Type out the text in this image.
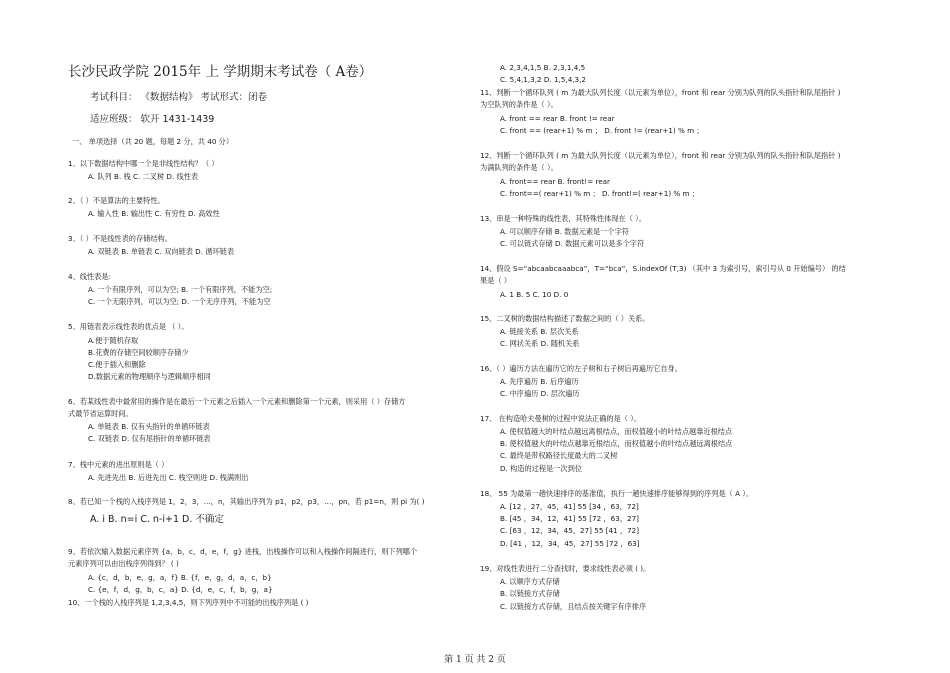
长沙民政学院 2015年 上 学期期末考试卷（ A卷）
考试科目： 《数据结构》 考试形式：闭卷
适应班级： 软开 1431-1439
一、 单项选择（共 20 题，每题 2 分，共 40 分）
1、以下数据结构中哪一个是非线性结构？（ ）
A. 队列 B. 栈 C. 二叉树 D. 线性表
2、（ ）不是算法的主要特性。
A. 输入性 B. 输出性 C. 有穷性 D. 高效性
3、（ ）不是线性表的存储结构。
A. 双链表 B. 单链表 C. 双向链表 D. 循环链表
4、线性表是:
A. 一个有限序列，可以为空; B. 一个有限序列，不能为空;
C. 一个无限序列，可以为空; D. 一个无序序列，不能为空
5、用链表表示线性表的优点是 （ ）。
A.便于随机存取
B.花费的存储空间较顺序存储少
C.便于插入和删除
D.数据元素的物理顺序与逻辑顺序相同
6、若某线性表中最常用的操作是在最后一个元素之后插入一个元素和删除第一个元素，则采用（ ）存储方
式最节省运算时间。
A. 单链表 B. 仅有头指针的单循环链表
C. 双链表 D. 仅有尾指针的单循环链表
7、栈中元素的进出原则是（ ）
A. 先进先出 B. 后进先出 C. 栈空则进 D. 栈满则出
8、若已知一个栈的入栈序列是 1，2，3，…，n，其输出序列为 p1，p2，p3，…，pn，若 p1=n，则 pi 为( )
A. i B. n=i C. n-i+1 D. 不确定
9、若依次输入数据元素序列 {a，b，c，d，e，f，g} 进栈，出栈操作可以和入栈操作间隔进行，则下列哪个
元素序列可以由出栈序列得到？ ( )
A. {c，d，b，e，g，a，f} B. {f，e，g，d，a，c，b}
C. {e，f，d，g，b，c，a} D. {d，e，c，f，b，g，a}
10、一个栈的入栈序列是 1,2,3,4,5，则下列序列中不可能的出栈序列是 ( )
A. 2,3,4,1,5 B. 2,3,1,4,5
C. 5,4,1,3,2 D. 1,5,4,3,2
11、判断一个循环队列 ( m 为最大队列长度（以元素为单位），front 和 rear 分别为队列的队头指针和队尾指针 )
为空队列的条件是（ ）。
A. front == rear B. front != rear
C. front == (rear+1) % m ； D. front != (rear+1) % m ；
12、判断一个循环队列 ( m 为最大队列长度（以元素为单位），front 和 rear 分别为队列的队头指针和队尾指针 )
为满队列的条件是（ ）。
A. front== rear B. front!= rear
C. front==( rear+1) % m ； D. front!=( rear+1) % m ；
13、串是一种特殊的线性表，其特殊性体现在（ ）。
A. 可以顺序存储 B. 数据元素是一个字符
C. 可以链式存储 D. 数据元素可以是多个字符
14、假设 S=“abcaabcaaabca”，T=“bca”，S.indexOf (T,3) （其中 3 为索引号，索引号从 0 开始编号） 的结
果是（ ）
A. 1 B. 5 C. 10 D. 0
15、二叉树的数据结构描述了数据之间的（ ）关系。
A. 链接关系 B. 层次关系
C. 网状关系 D. 随机关系
16、（ ）遍历方法在遍历它的左子树和右子树后再遍历它自身。
A. 先序遍历 B. 后序遍历
C. 中序遍历 D. 层次遍历
17、 在构造哈夫曼树的过程中说法正确的是（ ）。
A. 使权值越大的叶结点越远离根结点，而权值越小的叶结点越靠近根结点
B. 使权值越大的叶结点越靠近根结点，而权值越小的叶结点越远离根结点
C. 最终是带权路径长度最大的二叉树
D. 构造的过程是一次到位
18、 55 为最第一趟快速排序的基准值，执行一趟快速排序能够得到的序列是（ A ）。
A. [12 ，27，45，41] 55 [34 ，63，72]
B. [45 ，34，12，41] 55 [72 ，63，27]
C. [63 ，12，34，45，27] 55 [41 ，72]
D. [41 ，12，34，45，27] 55 [72 ，63]
19、对线性表进行二分查找时，要求线性表必须 ( )。
A. 以顺序方式存储
B. 以链接方式存储
C. 以链接方式存储，且结点按关键字有序排序
第 1 页 共 2 页
